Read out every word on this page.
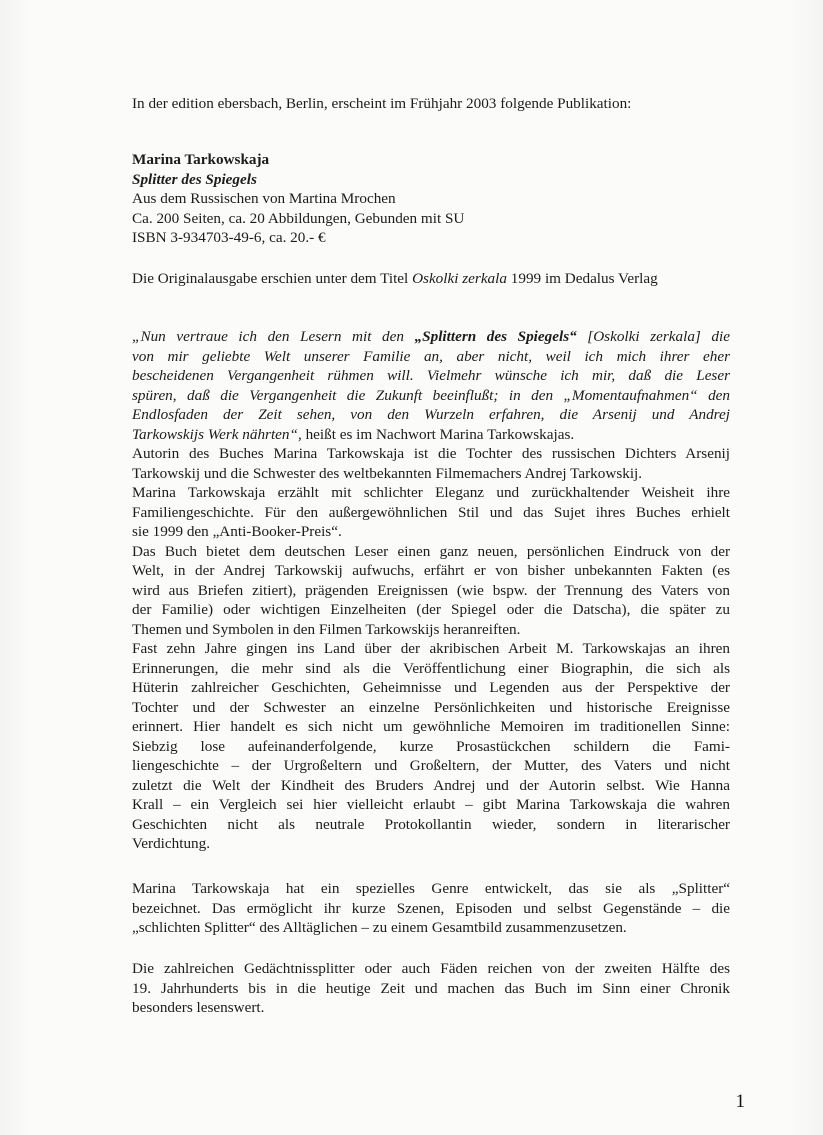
In der edition ebersbach, Berlin, erscheint im Frühjahr 2003 folgende Publikation:
Marina Tarkowskaja
Splitter des Spiegels
Aus dem Russischen von Martina Mrochen
Ca. 200 Seiten, ca. 20 Abbildungen, Gebunden mit SU
ISBN 3-934703-49-6, ca. 20.- €
Die Originalausgabe erschien unter dem Titel Oskolki zerkala 1999 im Dedalus Verlag
„Nun vertraue ich den Lesern mit den „Splittern des Spiegels“ [Oskolki zerkala] die
von mir geliebte Welt unserer Familie an, aber nicht, weil ich mich ihrer eher
bescheidenen Vergangenheit rühmen will. Vielmehr wünsche ich mir, daß die Leser
spüren, daß die Vergangenheit die Zukunft beeinflußt; in den „Momentaufnahmen“ den
Endlosfaden der Zeit sehen, von den Wurzeln erfahren, die Arsenij und Andrej
Tarkowskijs Werk nährten“, heißt es im Nachwort Marina Tarkowskajas.
Autorin des Buches Marina Tarkowskaja ist die Tochter des russischen Dichters Arsenij
Tarkowskij und die Schwester des weltbekannten Filmemachers Andrej Tarkowskij.
Marina Tarkowskaja erzählt mit schlichter Eleganz und zurückhaltender Weisheit ihre
Familiengeschichte. Für den außergewöhnlichen Stil und das Sujet ihres Buches erhielt
sie 1999 den „Anti-Booker-Preis“.
Das Buch bietet dem deutschen Leser einen ganz neuen, persönlichen Eindruck von der
Welt, in der Andrej Tarkowskij aufwuchs, erfährt er von bisher unbekannten Fakten (es
wird aus Briefen zitiert), prägenden Ereignissen (wie bspw. der Trennung des Vaters von
der Familie) oder wichtigen Einzelheiten (der Spiegel oder die Datscha), die später zu
Themen und Symbolen in den Filmen Tarkowskijs heranreiften.
Fast zehn Jahre gingen ins Land über der akribischen Arbeit M. Tarkowskajas an ihren
Erinnerungen, die mehr sind als die Veröffentlichung einer Biographin, die sich als
Hüterin zahlreicher Geschichten, Geheimnisse und Legenden aus der Perspektive der
Tochter und der Schwester an einzelne Persönlichkeiten und historische Ereignisse
erinnert. Hier handelt es sich nicht um gewöhnliche Memoiren im traditionellen Sinne:
Siebzig lose aufeinanderfolgende, kurze Prosastückchen schildern die Fami-
liengeschichte – der Urgroßeltern und Großeltern, der Mutter, des Vaters und nicht
zuletzt die Welt der Kindheit des Bruders Andrej und der Autorin selbst. Wie Hanna
Krall – ein Vergleich sei hier vielleicht erlaubt – gibt Marina Tarkowskaja die wahren
Geschichten nicht als neutrale Protokollantin wieder, sondern in literarischer
Verdichtung.
Marina Tarkowskaja hat ein spezielles Genre entwickelt, das sie als „Splitter“
bezeichnet. Das ermöglicht ihr kurze Szenen, Episoden und selbst Gegenstände – die
„schlichten Splitter“ des Alltäglichen – zu einem Gesamtbild zusammenzusetzen.
Die zahlreichen Gedächtnissplitter oder auch Fäden reichen von der zweiten Hälfte des
19. Jahrhunderts bis in die heutige Zeit und machen das Buch im Sinn einer Chronik
besonders lesenswert.
1
